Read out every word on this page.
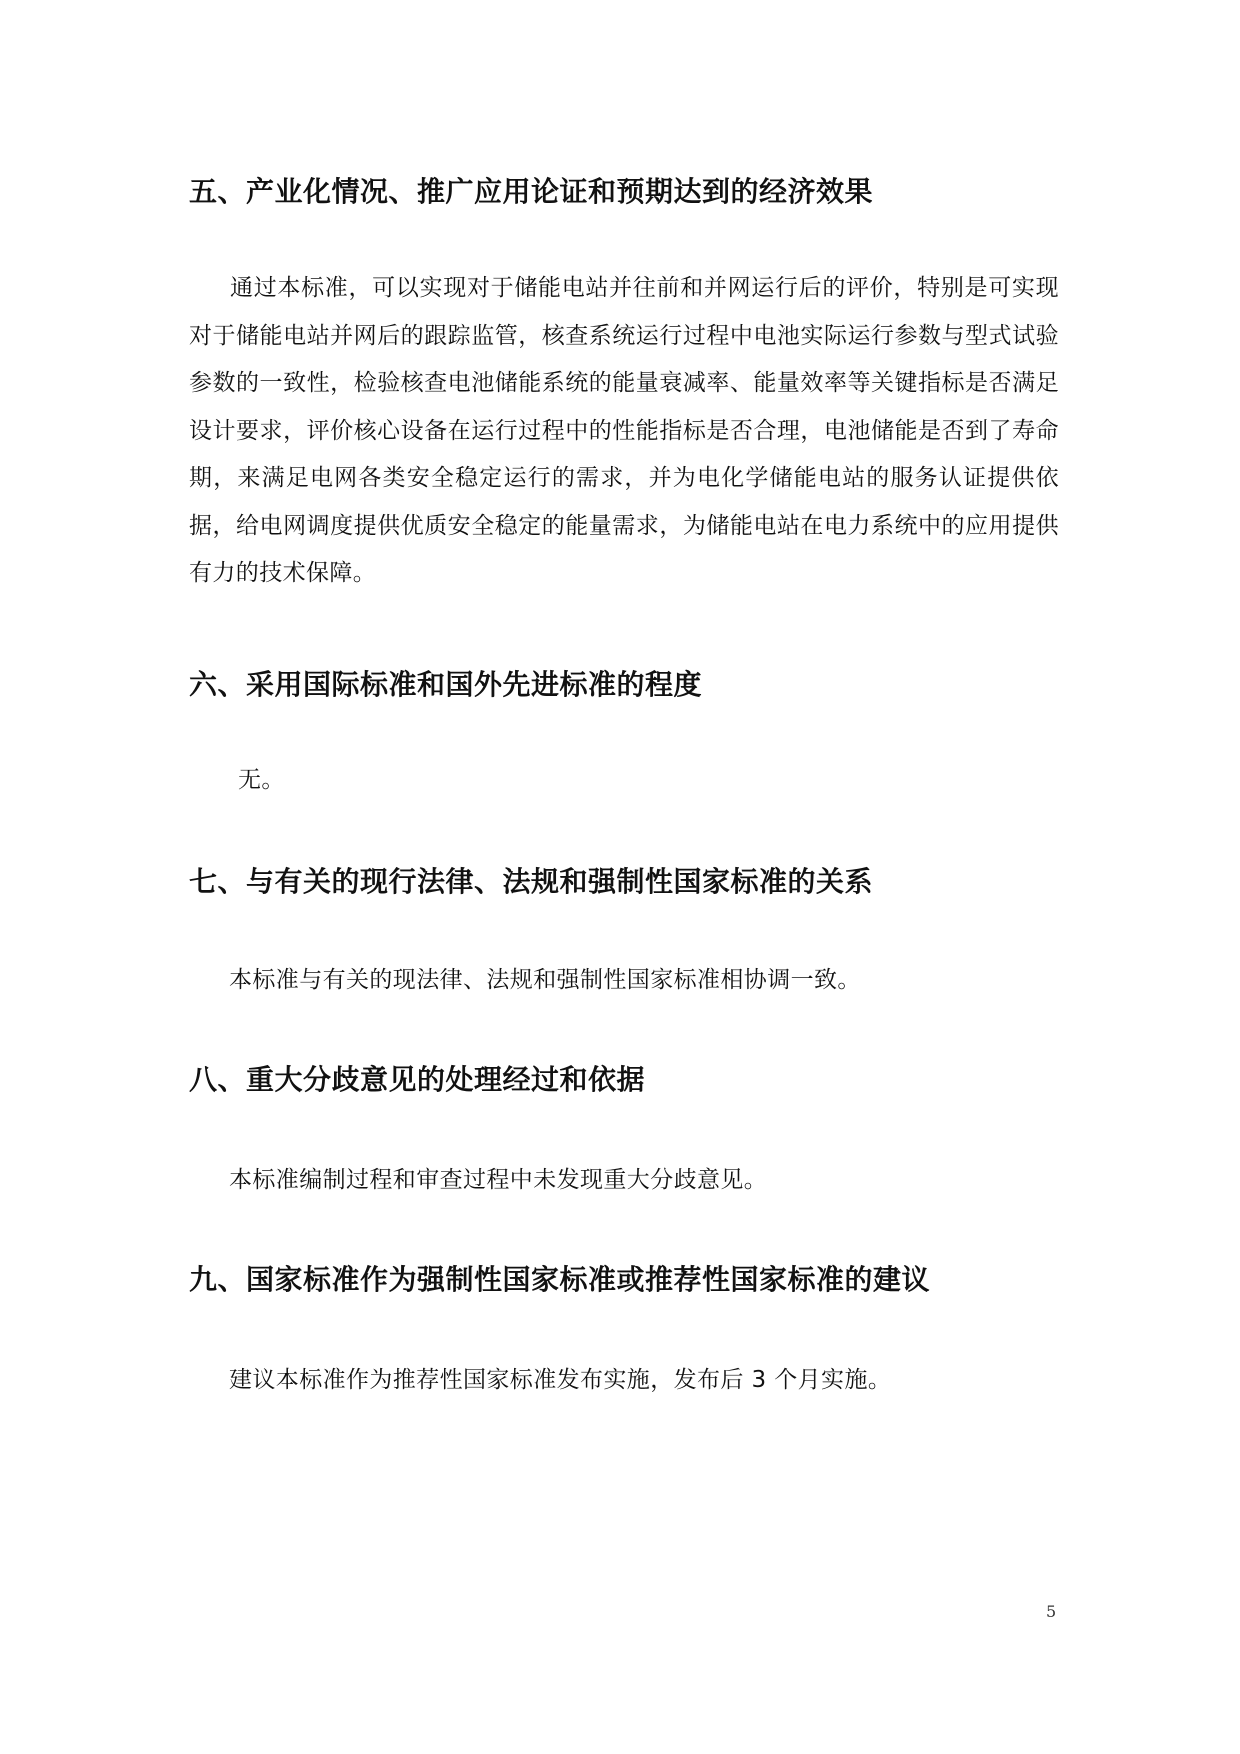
五、产业化情况、推广应用论证和预期达到的经济效果

通过本标准，可以实现对于储能电站并往前和并网运行后的评价，特别是可实现对于储能电站并网后的跟踪监管，核查系统运行过程中电池实际运行参数与型式试验参数的一致性，检验核查电池储能系统的能量衰减率、能量效率等关键指标是否满足设计要求，评价核心设备在运行过程中的性能指标是否合理，电池储能是否到了寿命期，来满足电网各类安全稳定运行的需求，并为电化学储能电站的服务认证提供依据，给电网调度提供优质安全稳定的能量需求，为储能电站在电力系统中的应用提供有力的技术保障。

六、采用国际标准和国外先进标准的程度

无。

七、与有关的现行法律、法规和强制性国家标准的关系

本标准与有关的现法律、法规和强制性国家标准相协调一致。

八、重大分歧意见的处理经过和依据

本标准编制过程和审查过程中未发现重大分歧意见。

九、国家标准作为强制性国家标准或推荐性国家标准的建议

建议本标准作为推荐性国家标准发布实施，发布后 3 个月实施。

5
